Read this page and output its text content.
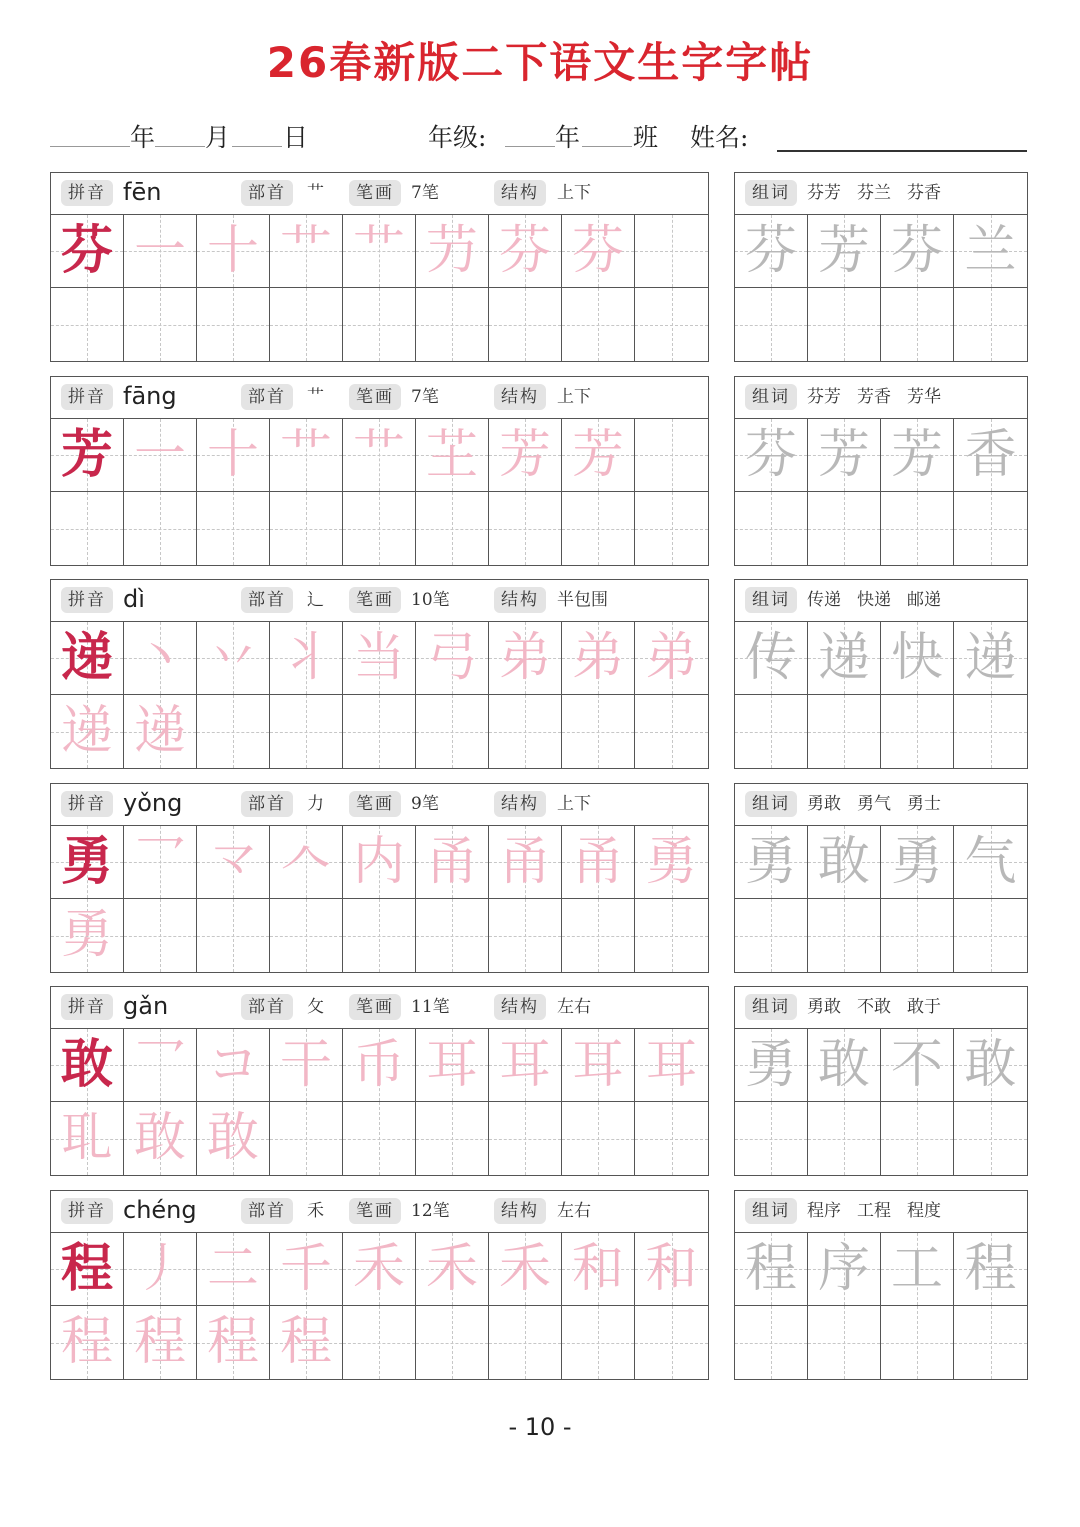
26春新版二下语文生字字帖
年 月 日	年级:	年 班 姓名:
拼音 fēn	部首	艹	笔画	7笔	结构	上下
芬 一 十 艹 艹 芀 芬 芬
组词	芬芳 芬兰 芬香
芬 芳 芬 兰
拼音 fāng	部首	艹	笔画	7笔	结构	上下
芳 一 十 艹 艹 芏 芳 芳
组词	芬芳 芳香 芳华
芬 芳 芳 香
拼音 dì	部首	辶	笔画	10笔	结构	半包围
递 丶 丷 丬 当 弓 弟 弟 弟
递 递
组词	传递 快递 邮递
传 递 快 递
拼音 yǒng	部首	力	笔画	9笔	结构	上下
勇 乛 龴 𠆢 内 甬 甬 甬 勇
勇
组词	勇敢 勇气 勇士
勇 敢 勇 气
拼音 gǎn	部首	攵	笔画	11笔	结构	左右
敢 乛 コ 干 币 耳 耳 耳 耳
耴 敢 敢
组词	勇敢 不敢 敢于
勇 敢 不 敢
拼音 chéng	部首	禾	笔画	12笔	结构	左右
程 丿 二 千 禾 禾 禾 和 和
程 程 程 程
组词	程序 工程 程度
程 序 工 程
- 10 -
